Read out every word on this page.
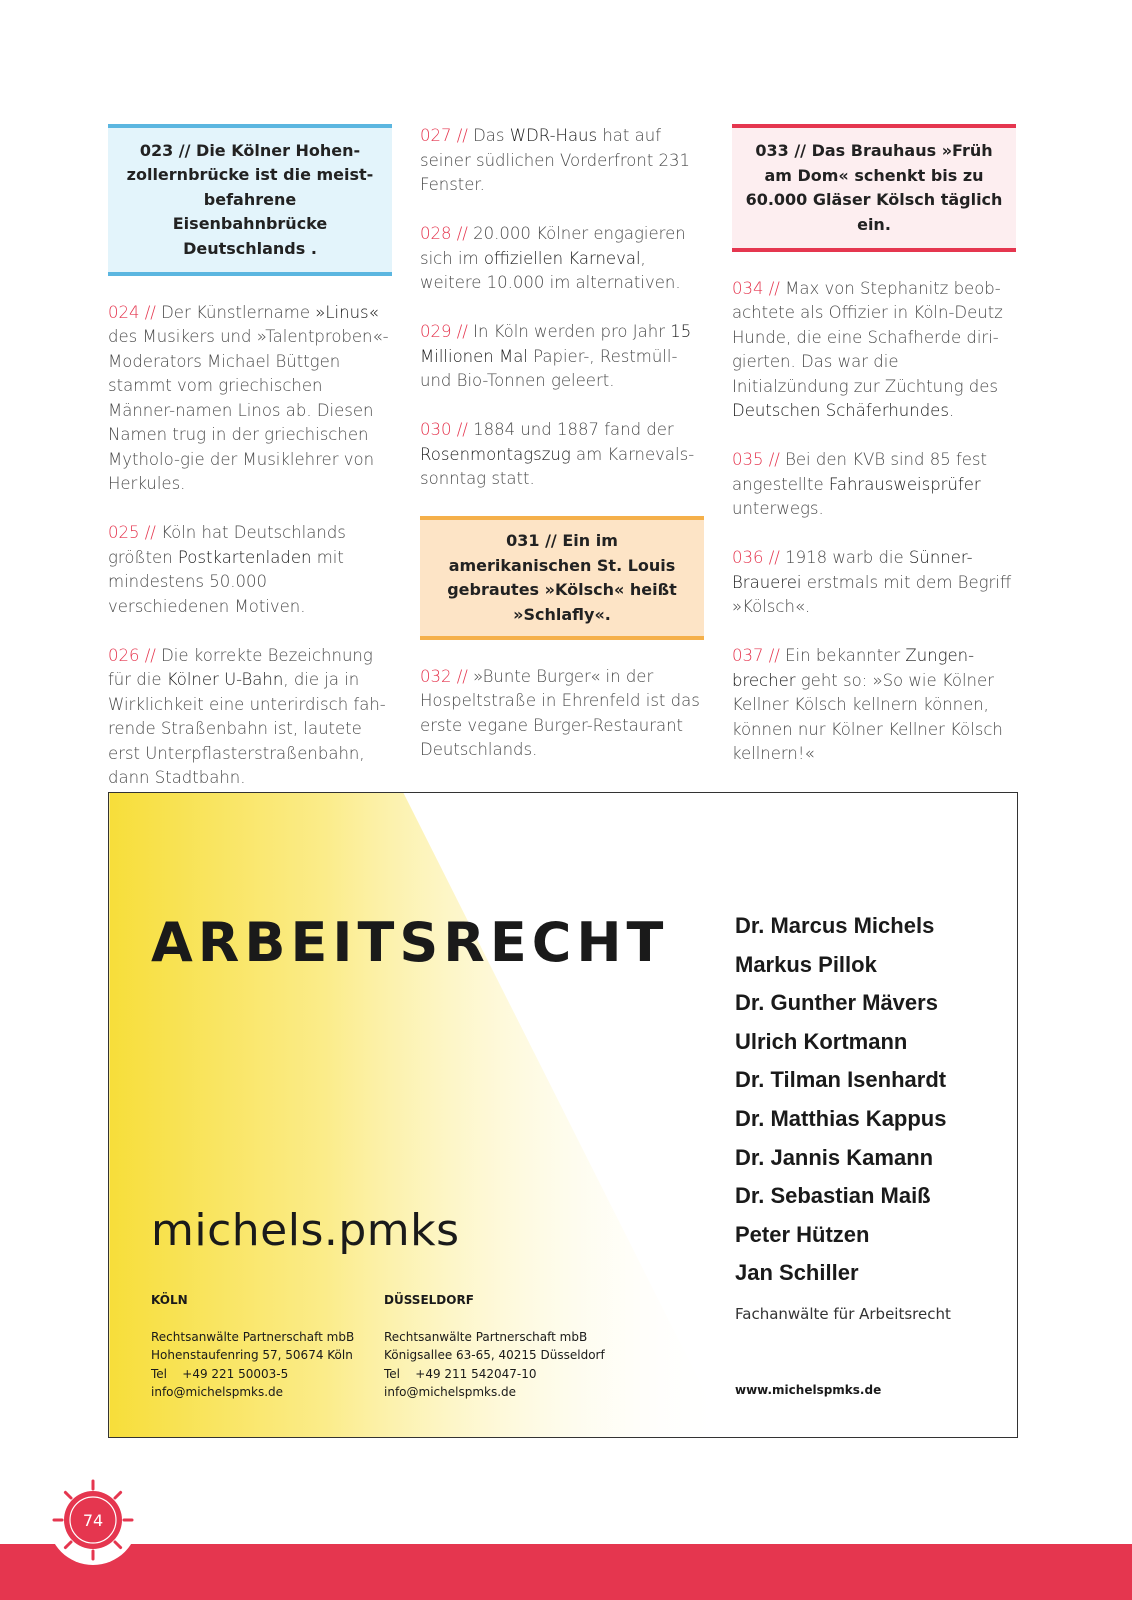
023 // Die Kölner Hohen-zollernbrücke ist die meist-befahrene Eisenbahnbrücke Deutschlands .

024 // Der Künstlername »Linus« des Musikers und »Talentproben«-Moderators Michael Büttgen stammt vom griechischen Männer-namen Linos ab. Diesen Namen trug in der griechischen Mytholo-gie der Musiklehrer von Herkules.

025 // Köln hat Deutschlands größten Postkartenladen mit mindestens 50.000 verschiedenen Motiven.

026 // Die korrekte Bezeichnung für die Kölner U-Bahn, die ja in Wirklichkeit eine unterirdisch fah-rende Straßenbahn ist, lautete erst Unterpflasterstraßenbahn, dann Stadtbahn.

027 // Das WDR-Haus hat auf seiner südlichen Vorderfront 231 Fenster.

028 // 20.000 Kölner engagieren sich im offiziellen Karneval, weitere 10.000 im alternativen.

029 // In Köln werden pro Jahr 15 Millionen Mal Papier-, Restmüll- und Bio-Tonnen geleert.

030 // 1884 und 1887 fand der Rosenmontagszug am Karnevals-sonntag statt.

031 // Ein im amerikanischen St. Louis gebrautes »Kölsch« heißt »Schlafly«.

032 // »Bunte Burger« in der Hospeltstraße in Ehrenfeld ist das erste vegane Burger-Restaurant Deutschlands.

033 // Das Brauhaus »Früh am Dom« schenkt bis zu 60.000 Gläser Kölsch täglich ein.

034 // Max von Stephanitz beob-achtete als Offizier in Köln-Deutz Hunde, die eine Schafherde diri-gierten. Das war die Initialzündung zur Züchtung des Deutschen Schäferhundes.

035 // Bei den KVB sind 85 fest angestellte Fahrausweisprüfer unterwegs.

036 // 1918 warb die Sünner-Brauerei erstmals mit dem Begriff »Kölsch«.

037 // Ein bekannter Zungen-brecher geht so: »So wie Kölner Kellner Kölsch kellnern können, können nur Kölner Kellner Kölsch kellnern!«

ARBEITSRECHT
michels.pmks
KÖLN
Rechtsanwälte Partnerschaft mbB
Hohenstaufenring 57, 50674 Köln
Tel    +49 221 50003-5
info@michelspmks.de
DÜSSELDORF
Rechtsanwälte Partnerschaft mbB
Königsallee 63-65, 40215 Düsseldorf
Tel    +49 211 542047-10
info@michelspmks.de
Dr. Marcus Michels
Markus Pillok
Dr. Gunther Mävers
Ulrich Kortmann
Dr. Tilman Isenhardt
Dr. Matthias Kappus
Dr. Jannis Kamann
Dr. Sebastian Maiß
Peter Hützen
Jan Schiller
Fachanwälte für Arbeitsrecht
www.michelspmks.de
74
